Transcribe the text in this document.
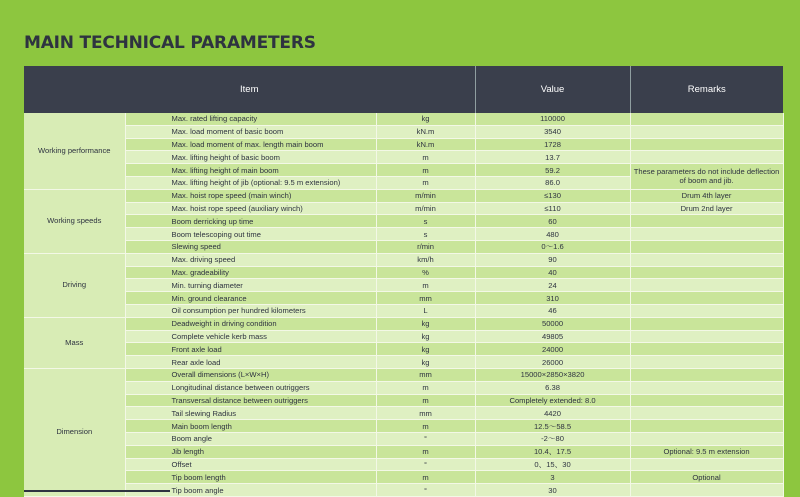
MAIN TECHNICAL PARAMETERS
Item			Value	Remarks
Working performance	Max. rated lifting capacity	kg	110000	
	Max. load moment of basic boom	kN.m	3540	
	Max. load moment of max. length main boom	kN.m	1728	
	Max. lifting height of basic boom	m	13.7	
	Max. lifting height of main boom	m	59.2	These parameters do not include deflection of boom and jib.
	Max. lifting height of jib (optional: 9.5 m extension)	m	86.0	
Working speeds	Max. hoist rope speed (main winch)	m/min	≤130	Drum 4th layer
	Max. hoist rope speed (auxiliary winch)	m/min	≤110	Drum 2nd layer
	Boom derricking up time	s	60	
	Boom telescoping out time	s	480	
	Slewing speed	r/min	0～1.6	
Driving	Max. driving speed	km/h	90	
	Max. gradeability	%	40	
	Min. turning diameter	m	24	
	Min. ground clearance	mm	310	
	Oil consumption per hundred kilometers	L	46	
Mass	Deadweight in driving condition	kg	50000	
	Complete vehicle kerb mass	kg	49805	
	Front axle load	kg	24000	
	Rear axle load	kg	26000	
Dimension	Overall dimensions (L×W×H)	mm	15000×2850×3820	
	Longitudinal distance between outriggers	m	6.38	
	Transversal distance between outriggers	m	Completely extended: 8.0	
	Tail slewing Radius	mm	4420	
	Main boom length	m	12.5～58.5	
	Boom angle	°	-2～80	
	Jib length	m	10.4、17.5	Optional: 9.5 m extension
	Offset	°	0、15、30	
	Tip boom length	m	3	Optional
	Tip boom angle	°	30	
